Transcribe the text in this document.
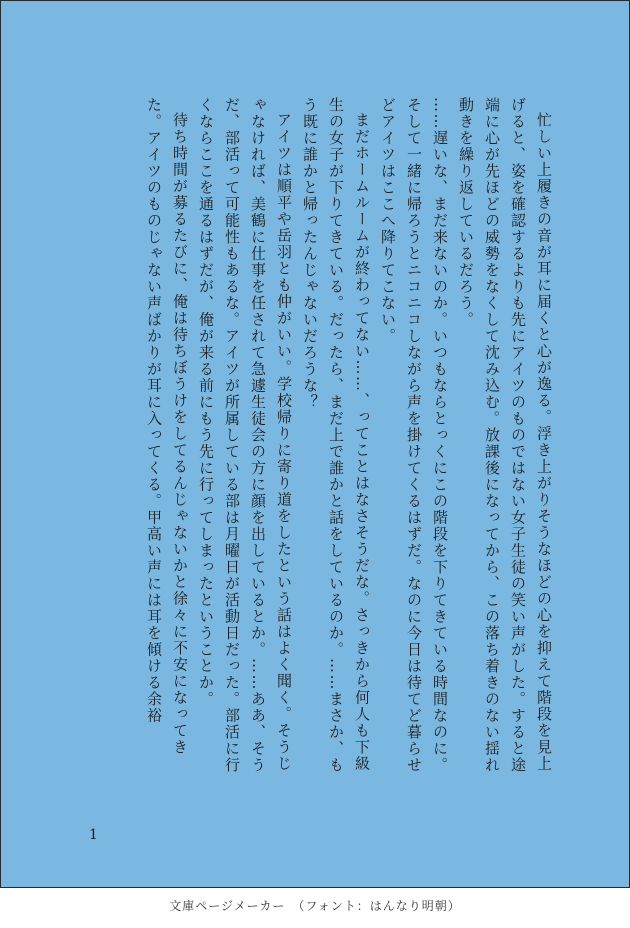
忙しい上履きの音が耳に届くと心が逸る。浮き上がりそうなほどの心を抑えて階段を見上げると、姿を確認するよりも先にアイツのものではない女子生徒の笑い声がした。すると途端に心が先ほどの威勢をなくして沈み込む。放課後になってから、この落ち着きのない揺れ動きを繰り返しているだろう。

……遅いな、まだ来ないのか。いつもならとっくにこの階段を下りてきている時間なのに。そして一緒に帰ろうとニコニコしながら声を掛けてくるはずだ。なのに今日は待てど暮らせどアイツはここへ降りてこない。

まだホームルームが終わってない……、ってことはなさそうだな。さっきから何人も下級生の女子が下りてきている。だったら、まだ上で誰かと話をしているのか。……まさか、もう既に誰かと帰ったんじゃないだろうな？

アイツは順平や岳羽とも仲がいい。学校帰りに寄り道をしたという話はよく聞く。そうじゃなければ、美鶴に仕事を任されて急遽生徒会の方に顔を出しているとか。……ああ、そうだ、部活って可能性もあるな。アイツが所属している部は月曜日が活動日だった。部活に行くならここを通るはずだが、俺が来る前にもう先に行ってしまったということか。

待ち時間が募るたびに、俺は待ちぼうけをしてるんじゃないかと徐々に不安になってきた。アイツのものじゃない声ばかりが耳に入ってくる。甲高い声には耳を傾ける余裕

1
文庫ページメーカー　（フォント：はんなり明朝）
